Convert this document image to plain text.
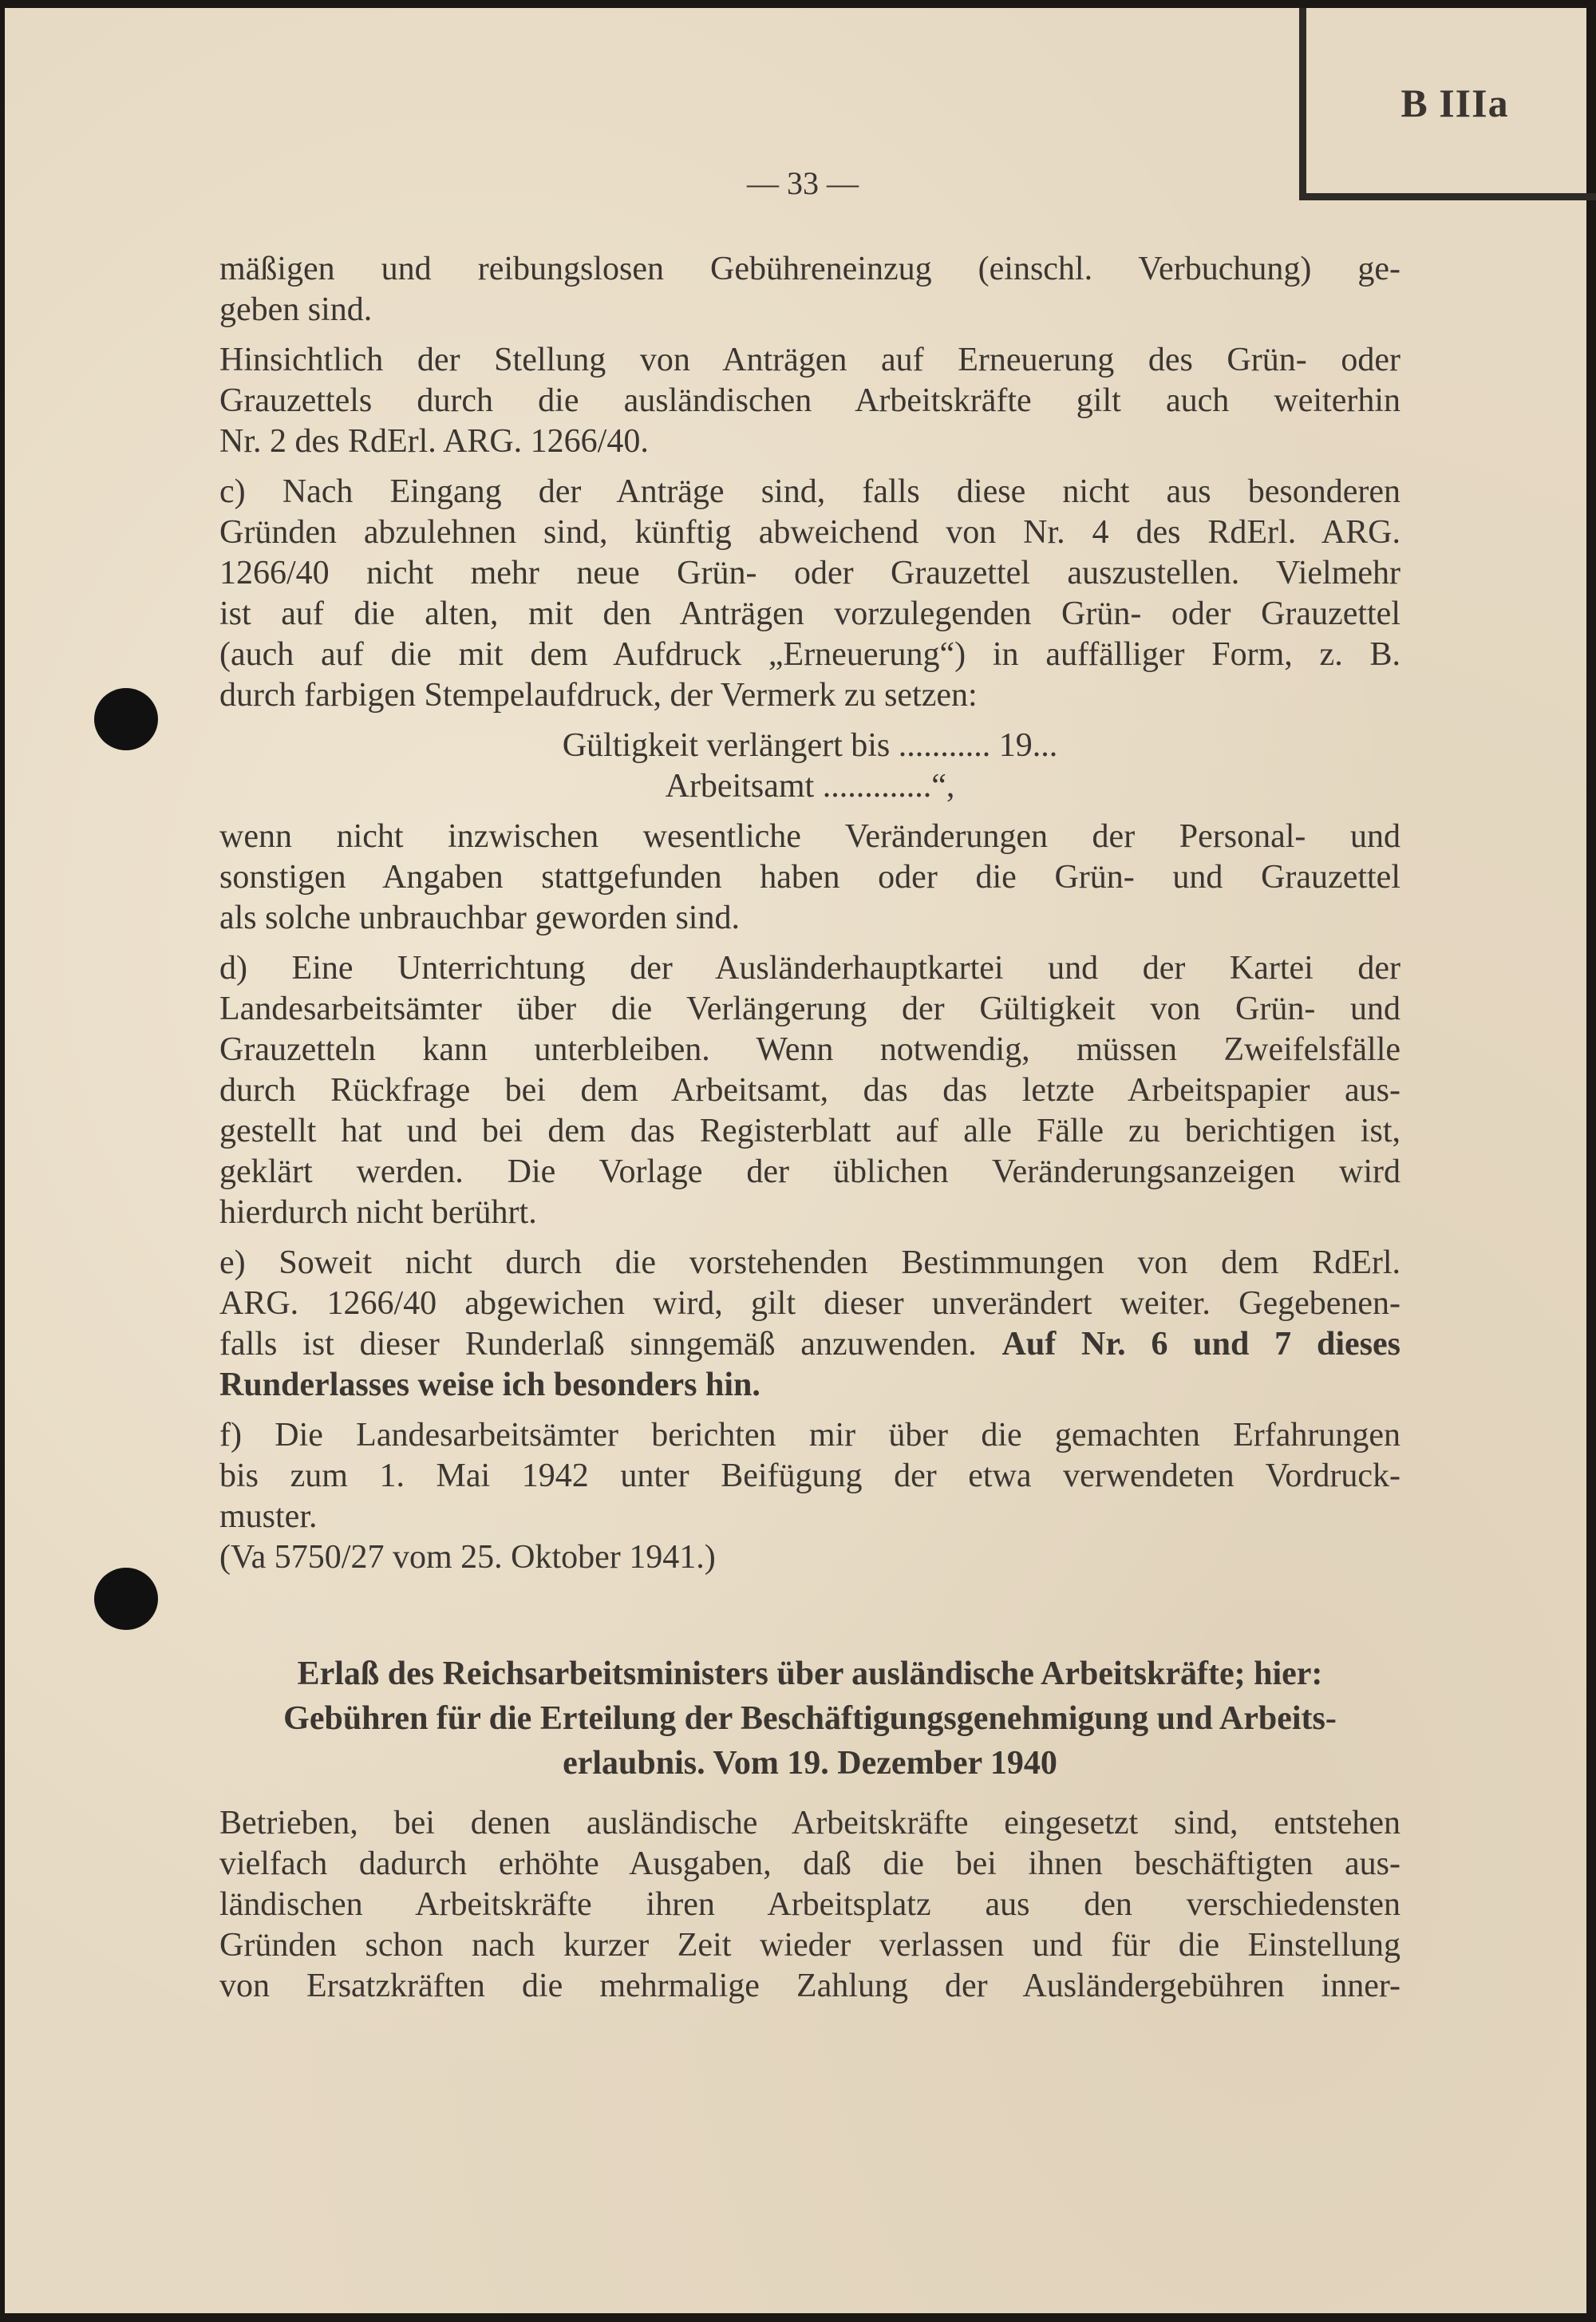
B IIIa
— 33 —
mäßigen und reibungslosen Gebühreneinzug (einschl. Verbuchung) ge-
geben sind.
Hinsichtlich der Stellung von Anträgen auf Erneuerung des Grün- oder
Grauzettels durch die ausländischen Arbeitskräfte gilt auch weiterhin
Nr. 2 des RdErl. ARG. 1266/40.
c) Nach Eingang der Anträge sind, falls diese nicht aus besonderen
Gründen abzulehnen sind, künftig abweichend von Nr. 4 des RdErl. ARG.
1266/40 nicht mehr neue Grün- oder Grauzettel auszustellen. Vielmehr
ist auf die alten, mit den Anträgen vorzulegenden Grün- oder Grauzettel
(auch auf die mit dem Aufdruck „Erneuerung“) in auffälliger Form, z. B.
durch farbigen Stempelaufdruck, der Vermerk zu setzen:
Gültigkeit verlängert bis ........... 19...
Arbeitsamt .............“,
wenn nicht inzwischen wesentliche Veränderungen der Personal- und
sonstigen Angaben stattgefunden haben oder die Grün- und Grauzettel
als solche unbrauchbar geworden sind.
d) Eine Unterrichtung der Ausländerhauptkartei und der Kartei der
Landesarbeitsämter über die Verlängerung der Gültigkeit von Grün- und
Grauzetteln kann unterbleiben. Wenn notwendig, müssen Zweifelsfälle
durch Rückfrage bei dem Arbeitsamt, das das letzte Arbeitspapier aus-
gestellt hat und bei dem das Registerblatt auf alle Fälle zu berichtigen ist,
geklärt werden. Die Vorlage der üblichen Veränderungsanzeigen wird
hierdurch nicht berührt.
e) Soweit nicht durch die vorstehenden Bestimmungen von dem RdErl.
ARG. 1266/40 abgewichen wird, gilt dieser unverändert weiter. Gegebenen-
falls ist dieser Runderlaß sinngemäß anzuwenden. Auf Nr. 6 und 7 dieses
Runderlasses weise ich besonders hin.
f) Die Landesarbeitsämter berichten mir über die gemachten Erfahrungen
bis zum 1. Mai 1942 unter Beifügung der etwa verwendeten Vordruck-
muster.
(Va 5750/27 vom 25. Oktober 1941.)
Erlaß des Reichsarbeitsministers über ausländische Arbeitskräfte; hier:
Gebühren für die Erteilung der Beschäftigungsgenehmigung und Arbeits-
erlaubnis. Vom 19. Dezember 1940
Betrieben, bei denen ausländische Arbeitskräfte eingesetzt sind, entstehen
vielfach dadurch erhöhte Ausgaben, daß die bei ihnen beschäftigten aus-
ländischen Arbeitskräfte ihren Arbeitsplatz aus den verschiedensten
Gründen schon nach kurzer Zeit wieder verlassen und für die Einstellung
von Ersatzkräften die mehrmalige Zahlung der Ausländergebühren inner-
